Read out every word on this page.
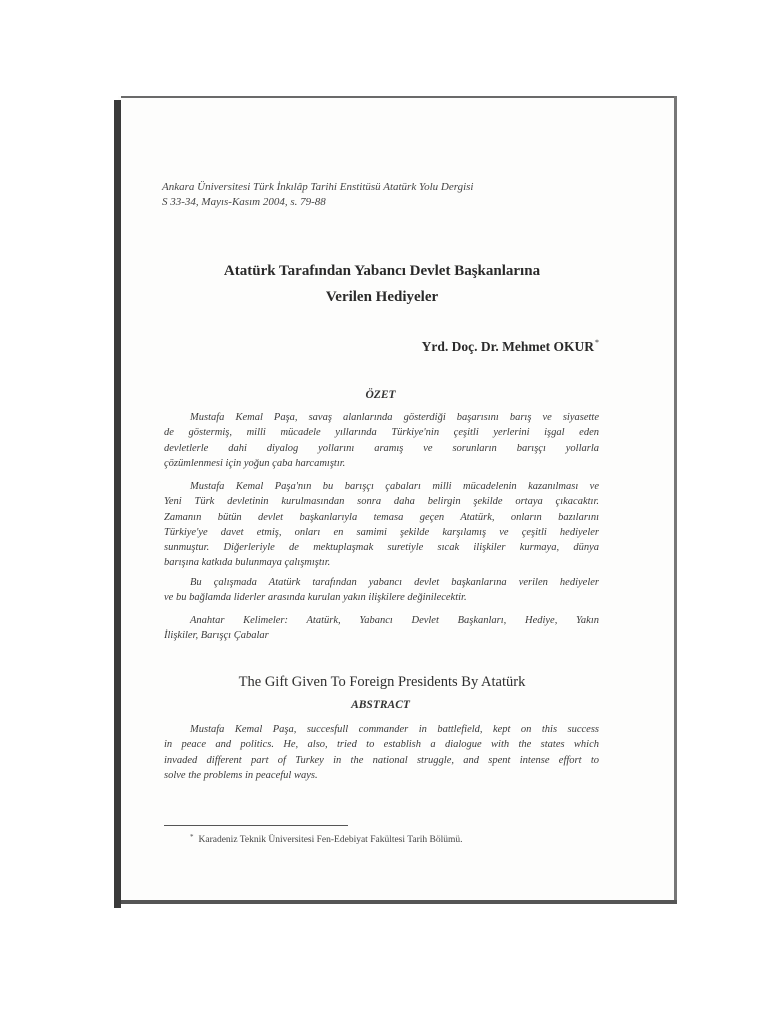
Ankara Üniversitesi Türk İnkılâp Tarihi Enstitüsü Atatürk Yolu Dergisi
S 33-34, Mayıs-Kasım 2004, s. 79-88
Atatürk Tarafından Yabancı Devlet Başkanlarına
Verilen Hediyeler
Yrd. Doç. Dr. Mehmet OKUR*
ÖZET
Mustafa Kemal Paşa, savaş alanlarında gösterdiği başarısını barış ve siyasette
de göstermiş, milli mücadele yıllarında Türkiye'nin çeşitli yerlerini işgal eden
devletlerle dahi diyalog yollarını aramış ve sorunların barışçı yollarla
çözümlenmesi için yoğun çaba harcamıştır.
Mustafa Kemal Paşa'nın bu barışçı çabaları milli mücadelenin kazanılması ve
Yeni Türk devletinin kurulmasından sonra daha belirgin şekilde ortaya çıkacaktır.
Zamanın bütün devlet başkanlarıyla temasa geçen Atatürk, onların bazılarını
Türkiye'ye davet etmiş, onları en samimi şekilde karşılamış ve çeşitli hediyeler
sunmuştur. Diğerleriyle de mektuplaşmak suretiyle sıcak ilişkiler kurmaya, dünya
barışına katkıda bulunmaya çalışmıştır.
Bu çalışmada Atatürk tarafından yabancı devlet başkanlarına verilen hediyeler
ve bu bağlamda liderler arasında kurulan yakın ilişkilere değinilecektir.
Anahtar Kelimeler: Atatürk, Yabancı Devlet Başkanları, Hediye, Yakın
İlişkiler, Barışçı Çabalar
The Gift Given To Foreign Presidents By Atatürk
ABSTRACT
Mustafa Kemal Paşa, succesfull commander in battlefield, kept on this success
in peace and politics. He, also, tried to establish a dialogue with the states which
invaded different part of Turkey in the national struggle, and spent intense effort to
solve the problems in peaceful ways.
* Karadeniz Teknik Üniversitesi Fen-Edebiyat Fakültesi Tarih Bölümü.
